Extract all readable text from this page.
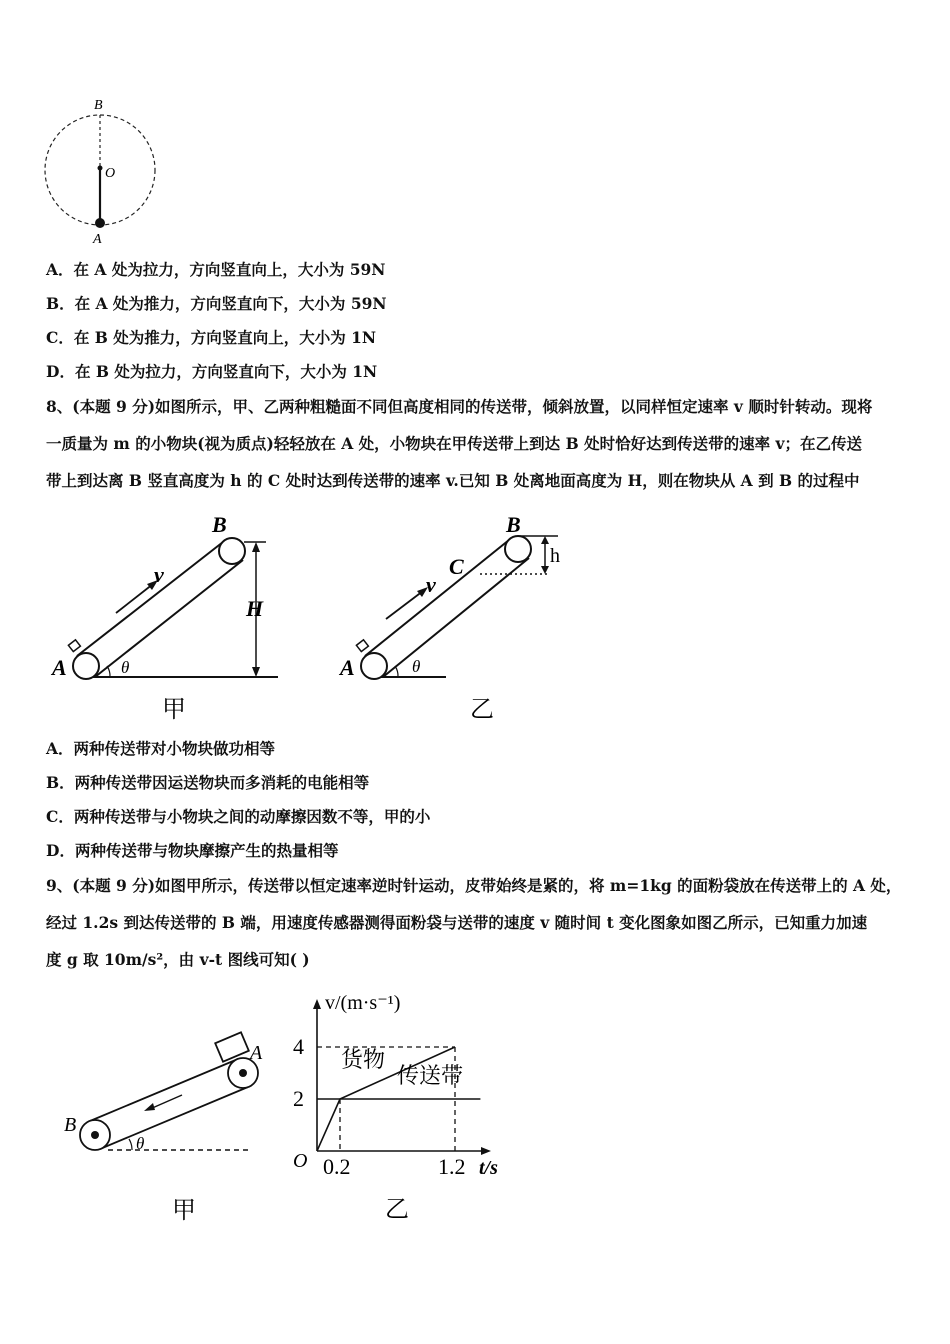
B
O
A
A．在 A 处为拉力，方向竖直向上，大小为 59N
B．在 A 处为推力，方向竖直向下，大小为 59N
C．在 B 处为推力，方向竖直向上，大小为 1N
D．在 B 处为拉力，方向竖直向下，大小为 1N
8、(本题 9 分)如图所示，甲、乙两种粗糙面不同但高度相同的传送带，倾斜放置，以同样恒定速率 v 顺时针转动。现将
一质量为 m 的小物块(视为质点)轻轻放在 A 处，小物块在甲传送带上到达 B 处时恰好达到传送带的速率 v；在乙传送
带上到达离 B 竖直高度为 h 的 C 处时达到传送带的速率 v.已知 B 处离地面高度为 H，则在物块从 A 到 B 的过程中
A
B
v
H
θ
甲
A
B
C
v
h
θ
乙
A．两种传送带对小物块做功相等
B．两种传送带因运送物块而多消耗的电能相等
C．两种传送带与小物块之间的动摩擦因数不等，甲的小
D．两种传送带与物块摩擦产生的热量相等
9、(本题 9 分)如图甲所示，传送带以恒定速率逆时针运动，皮带始终是紧的，将 m=1kg 的面粉袋放在传送带上的 A 处，
经过 1.2s 到达传送带的 B 端，用速度传感器测得面粉袋与送带的速度 v 随时间 t 变化图象如图乙所示，已知重力加速
度 g 取 10m/s²，由 v-t 图线可知( )
A
B
θ
甲
2
4
0.2	1.2
v/(m·s⁻¹)
t/s
O
货物
传送带
乙
